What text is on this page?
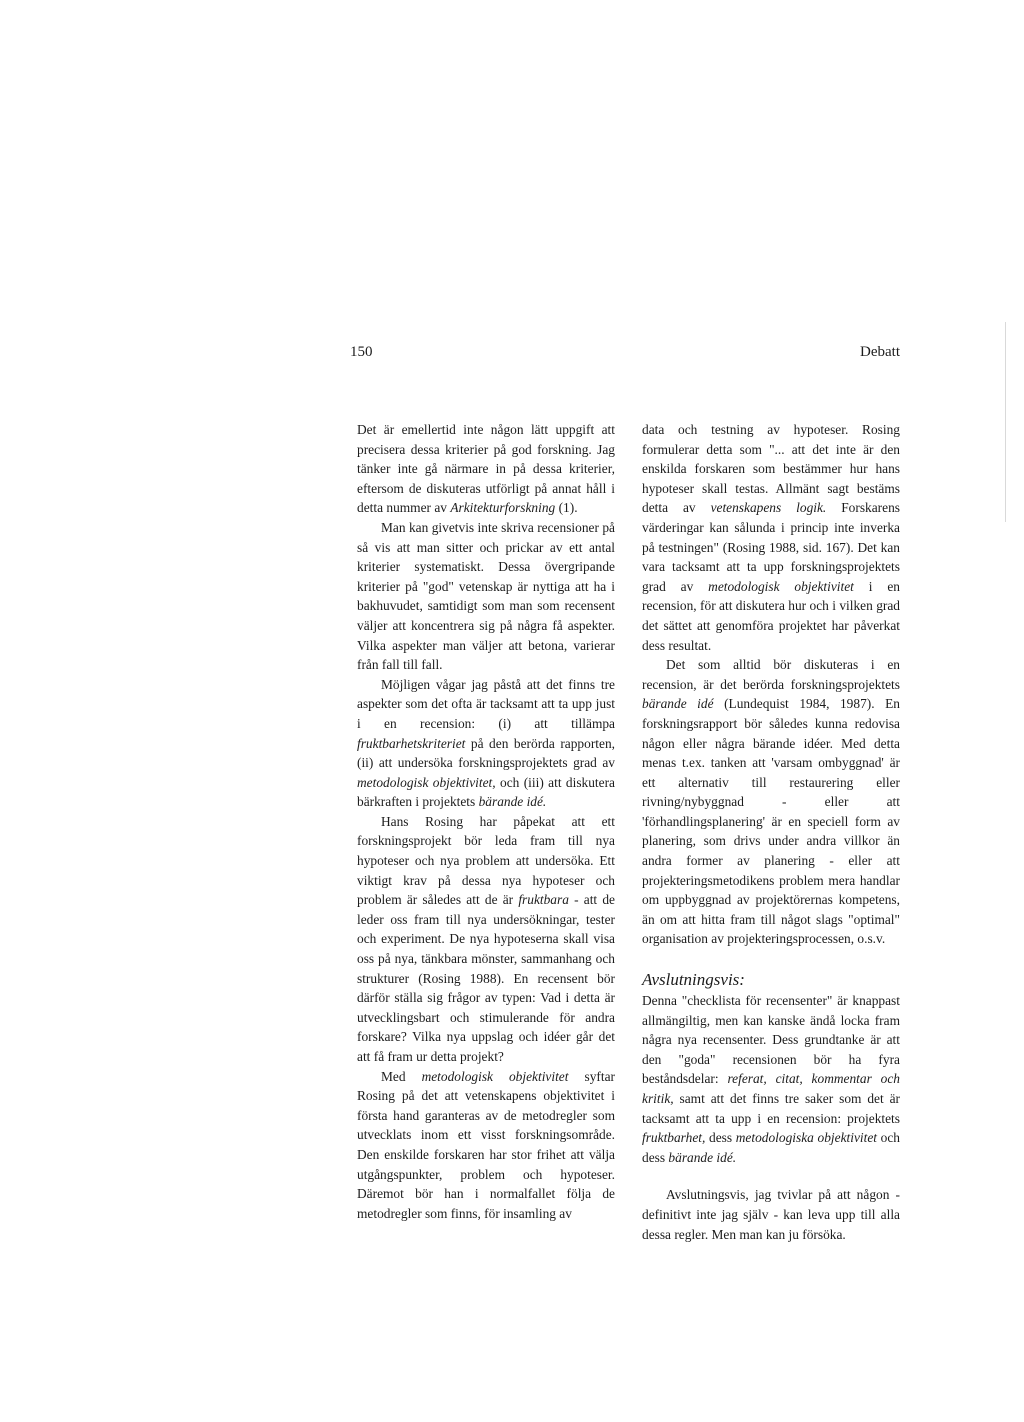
150	Debatt

Det är emellertid inte någon lätt uppgift att precisera dessa kriterier på god forskning. Jag tänker inte gå närmare in på dessa kriterier, eftersom de diskuteras utförligt på annat håll i detta nummer av Arkitekturforskning (1).

Man kan givetvis inte skriva recensioner på så vis att man sitter och prickar av ett antal kriterier systematiskt. Dessa övergripande kriterier på "god" vetenskap är nyttiga att ha i bakhuvudet, samtidigt som man som recensent väljer att koncentrera sig på några få aspekter. Vilka aspekter man väljer att betona, varierar från fall till fall.

Möjligen vågar jag påstå att det finns tre aspekter som det ofta är tacksamt att ta upp just i en recension: (i) att tillämpa fruktbarhetskriteriet på den berörda rapporten, (ii) att undersöka forskningsprojektets grad av metodologisk objektivitet, och (iii) att diskutera bärkraften i projektets bärande idé.

Hans Rosing har påpekat att ett forskningsprojekt bör leda fram till nya hypoteser och nya problem att undersöka. Ett viktigt krav på dessa nya hypoteser och problem är således att de är fruktbara - att de leder oss fram till nya undersökningar, tester och experiment. De nya hypoteserna skall visa oss på nya, tänkbara mönster, sammanhang och strukturer (Rosing 1988). En recensent bör därför ställa sig frågor av typen: Vad i detta är utvecklingsbart och stimulerande för andra forskare? Vilka nya uppslag och idéer går det att få fram ur detta projekt?

Med metodologisk objektivitet syftar Rosing på det att vetenskapens objektivitet i första hand garanteras av de metodregler som utvecklats inom ett visst forskningsområde. Den enskilde forskaren har stor frihet att välja utgångspunkter, problem och hypoteser. Däremot bör han i normalfallet följa de metodregler som finns, för insamling av

data och testning av hypoteser. Rosing formulerar detta som "... att det inte är den enskilda forskaren som bestämmer hur hans hypoteser skall testas. Allmänt sagt bestäms detta av vetenskapens logik. Forskarens värderingar kan sålunda i princip inte inverka på testningen" (Rosing 1988, sid. 167). Det kan vara tacksamt att ta upp forskningsprojektets grad av metodologisk objektivitet i en recension, för att diskutera hur och i vilken grad det sättet att genomföra projektet har påverkat dess resultat.

Det som alltid bör diskuteras i en recension, är det berörda forskningsprojektets bärande idé (Lundequist 1984, 1987). En forskningsrapport bör således kunna redovisa någon eller några bärande idéer. Med detta menas t.ex. tanken att 'varsam ombyggnad' är ett alternativ till restaurering eller rivning/nybyggnad - eller att 'förhandlingsplanering' är en speciell form av planering, som drivs under andra villkor än andra former av planering - eller att projekteringsmetodikens problem mera handlar om uppbyggnad av projektörernas kompetens, än om att hitta fram till något slags "optimal" organisation av projekteringsprocessen, o.s.v.

Avslutningsvis:

Denna "checklista för recensenter" är knappast allmängiltig, men kan kanske ändå locka fram några nya recensenter. Dess grundtanke är att den "goda" recensionen bör ha fyra beståndsdelar: referat, citat, kommentar och kritik, samt att det finns tre saker som det är tacksamt att ta upp i en recension: projektets fruktbarhet, dess metodologiska objektivitet och dess bärande idé.

Avslutningsvis, jag tvivlar på att någon - definitivt inte jag själv - kan leva upp till alla dessa regler. Men man kan ju försöka.
